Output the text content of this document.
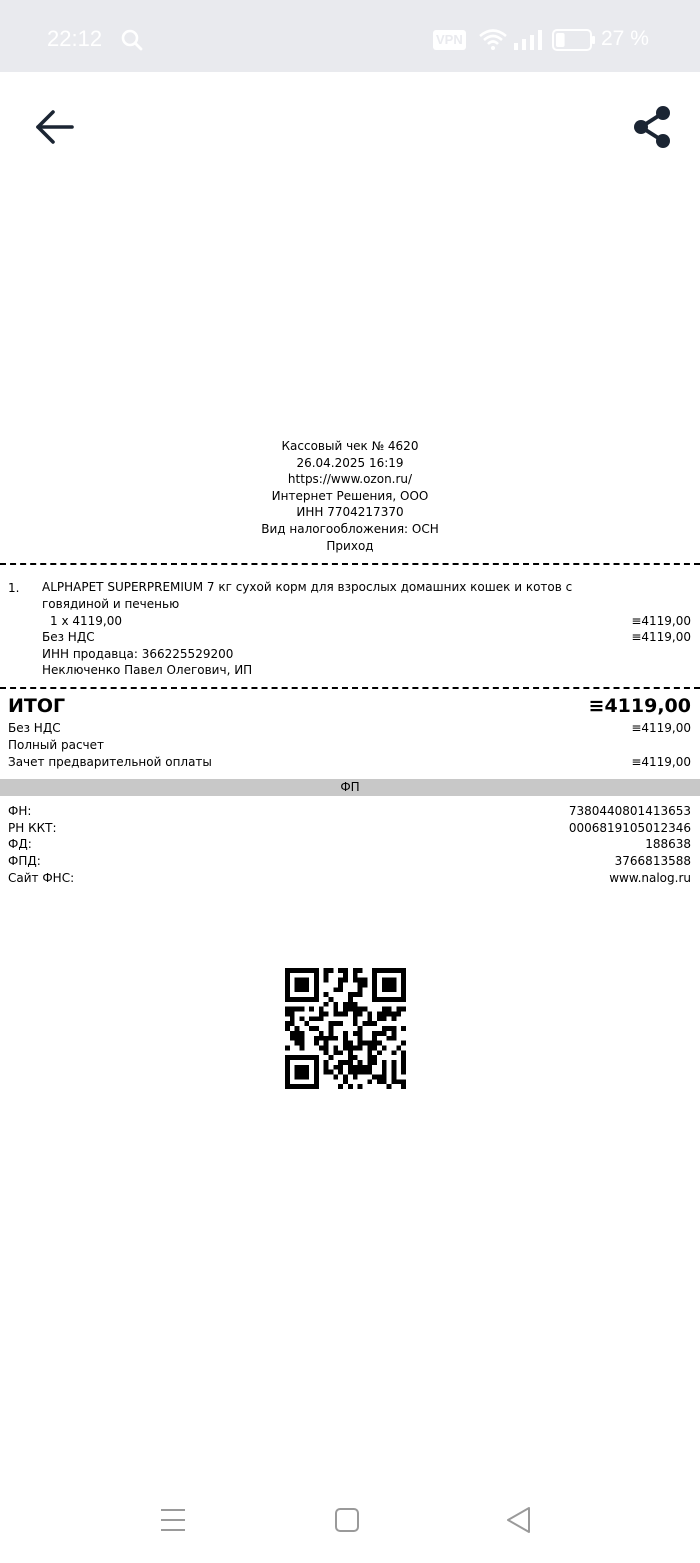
22:12	VPN	27 %
Кассовый чек № 4620
26.04.2025 16:19
https://www.ozon.ru/
Интернет Решения, ООО
ИНН 7704217370
Вид налогообложения: ОСН
Приход
1. ALPHAPET SUPERPREMIUM 7 кг сухой корм для взрослых домашних кошек и котов с говядиной и печенью
1 x 4119,00	≡4119,00
Без НДС	≡4119,00
ИНН продавца: 366225529200
Неключенко Павел Олегович, ИП
ИТОГ	≡4119,00
Без НДС	≡4119,00
Полный расчет
Зачет предварительной оплаты	≡4119,00
ФП
ФН:	7380440801413653
РН ККТ:	0006819105012346
ФД:	188638
ФПД:	3766813588
Сайт ФНС:	www.nalog.ru
